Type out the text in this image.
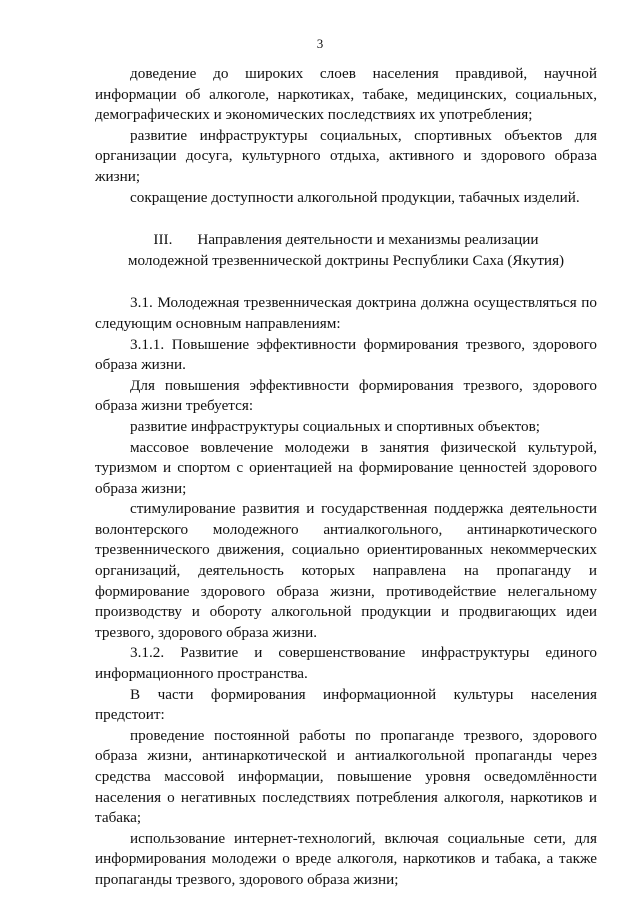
3

доведение до широких слоев населения правдивой, научной информации об алкоголе, наркотиках, табаке, медицинских, социальных, демографических и экономических последствиях их употребления;

развитие инфраструктуры социальных, спортивных объектов для организации досуга, культурного отдыха, активного и здорового образа жизни;

сокращение доступности алкогольной продукции, табачных изделий.

III. Направления деятельности и механизмы реализации
молодежной трезвеннической доктрины Республики Саха (Якутия)

3.1. Молодежная трезвенническая доктрина должна осуществляться по следующим основным направлениям:

3.1.1. Повышение эффективности формирования трезвого, здорового образа жизни.

Для повышения эффективности формирования трезвого, здорового образа жизни требуется:

развитие инфраструктуры социальных и спортивных объектов;

массовое вовлечение молодежи в занятия физической культурой, туризмом и спортом с ориентацией на формирование ценностей здорового образа жизни;

стимулирование развития и государственная поддержка деятельности волонтерского молодежного антиалкогольного, антинаркотического трезвеннического движения, социально ориентированных некоммерческих организаций, деятельность которых направлена на пропаганду и формирование здорового образа жизни, противодействие нелегальному производству и обороту алкогольной продукции и продвигающих идеи трезвого, здорового образа жизни.

3.1.2. Развитие и совершенствование инфраструктуры единого информационного пространства.

В части формирования информационной культуры населения предстоит:

проведение постоянной работы по пропаганде трезвого, здорового образа жизни, антинаркотической и антиалкогольной пропаганды через средства массовой информации, повышение уровня осведомлённости населения о негативных последствиях потребления алкоголя, наркотиков и табака;

использование интернет-технологий, включая социальные сети, для информирования молодежи о вреде алкоголя, наркотиков и табака, а также пропаганды трезвого, здорового образа жизни;
